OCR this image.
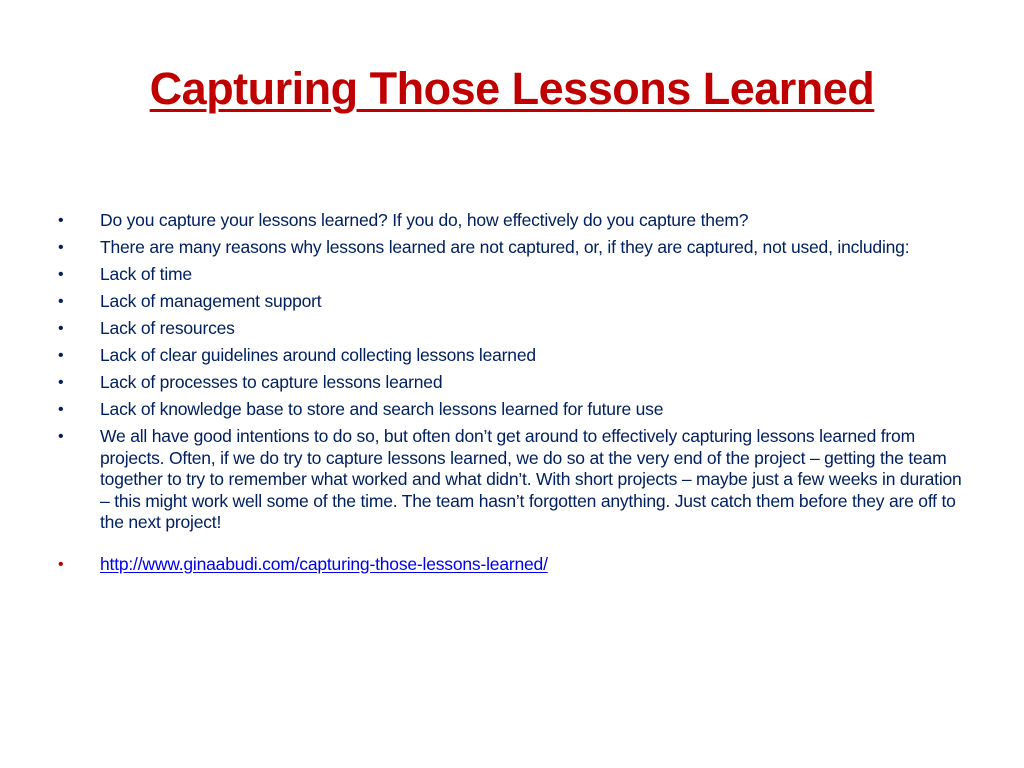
Capturing Those Lessons Learned
• Do you capture your lessons learned? If you do, how effectively do you capture them?
• There are many reasons why lessons learned are not captured, or, if they are captured, not used, including:
• Lack of time
• Lack of management support
• Lack of resources
• Lack of clear guidelines around collecting lessons learned
• Lack of processes to capture lessons learned
• Lack of knowledge base to store and search lessons learned for future use
• We all have good intentions to do so, but often don’t get around to effectively capturing lessons learned from projects. Often, if we do try to capture lessons learned, we do so at the very end of the project – getting the team together to try to remember what worked and what didn’t. With short projects – maybe just a few weeks in duration – this might work well some of the time. The team hasn’t forgotten anything. Just catch them before they are off to the next project!
• http://www.ginaabudi.com/capturing-those-lessons-learned/
